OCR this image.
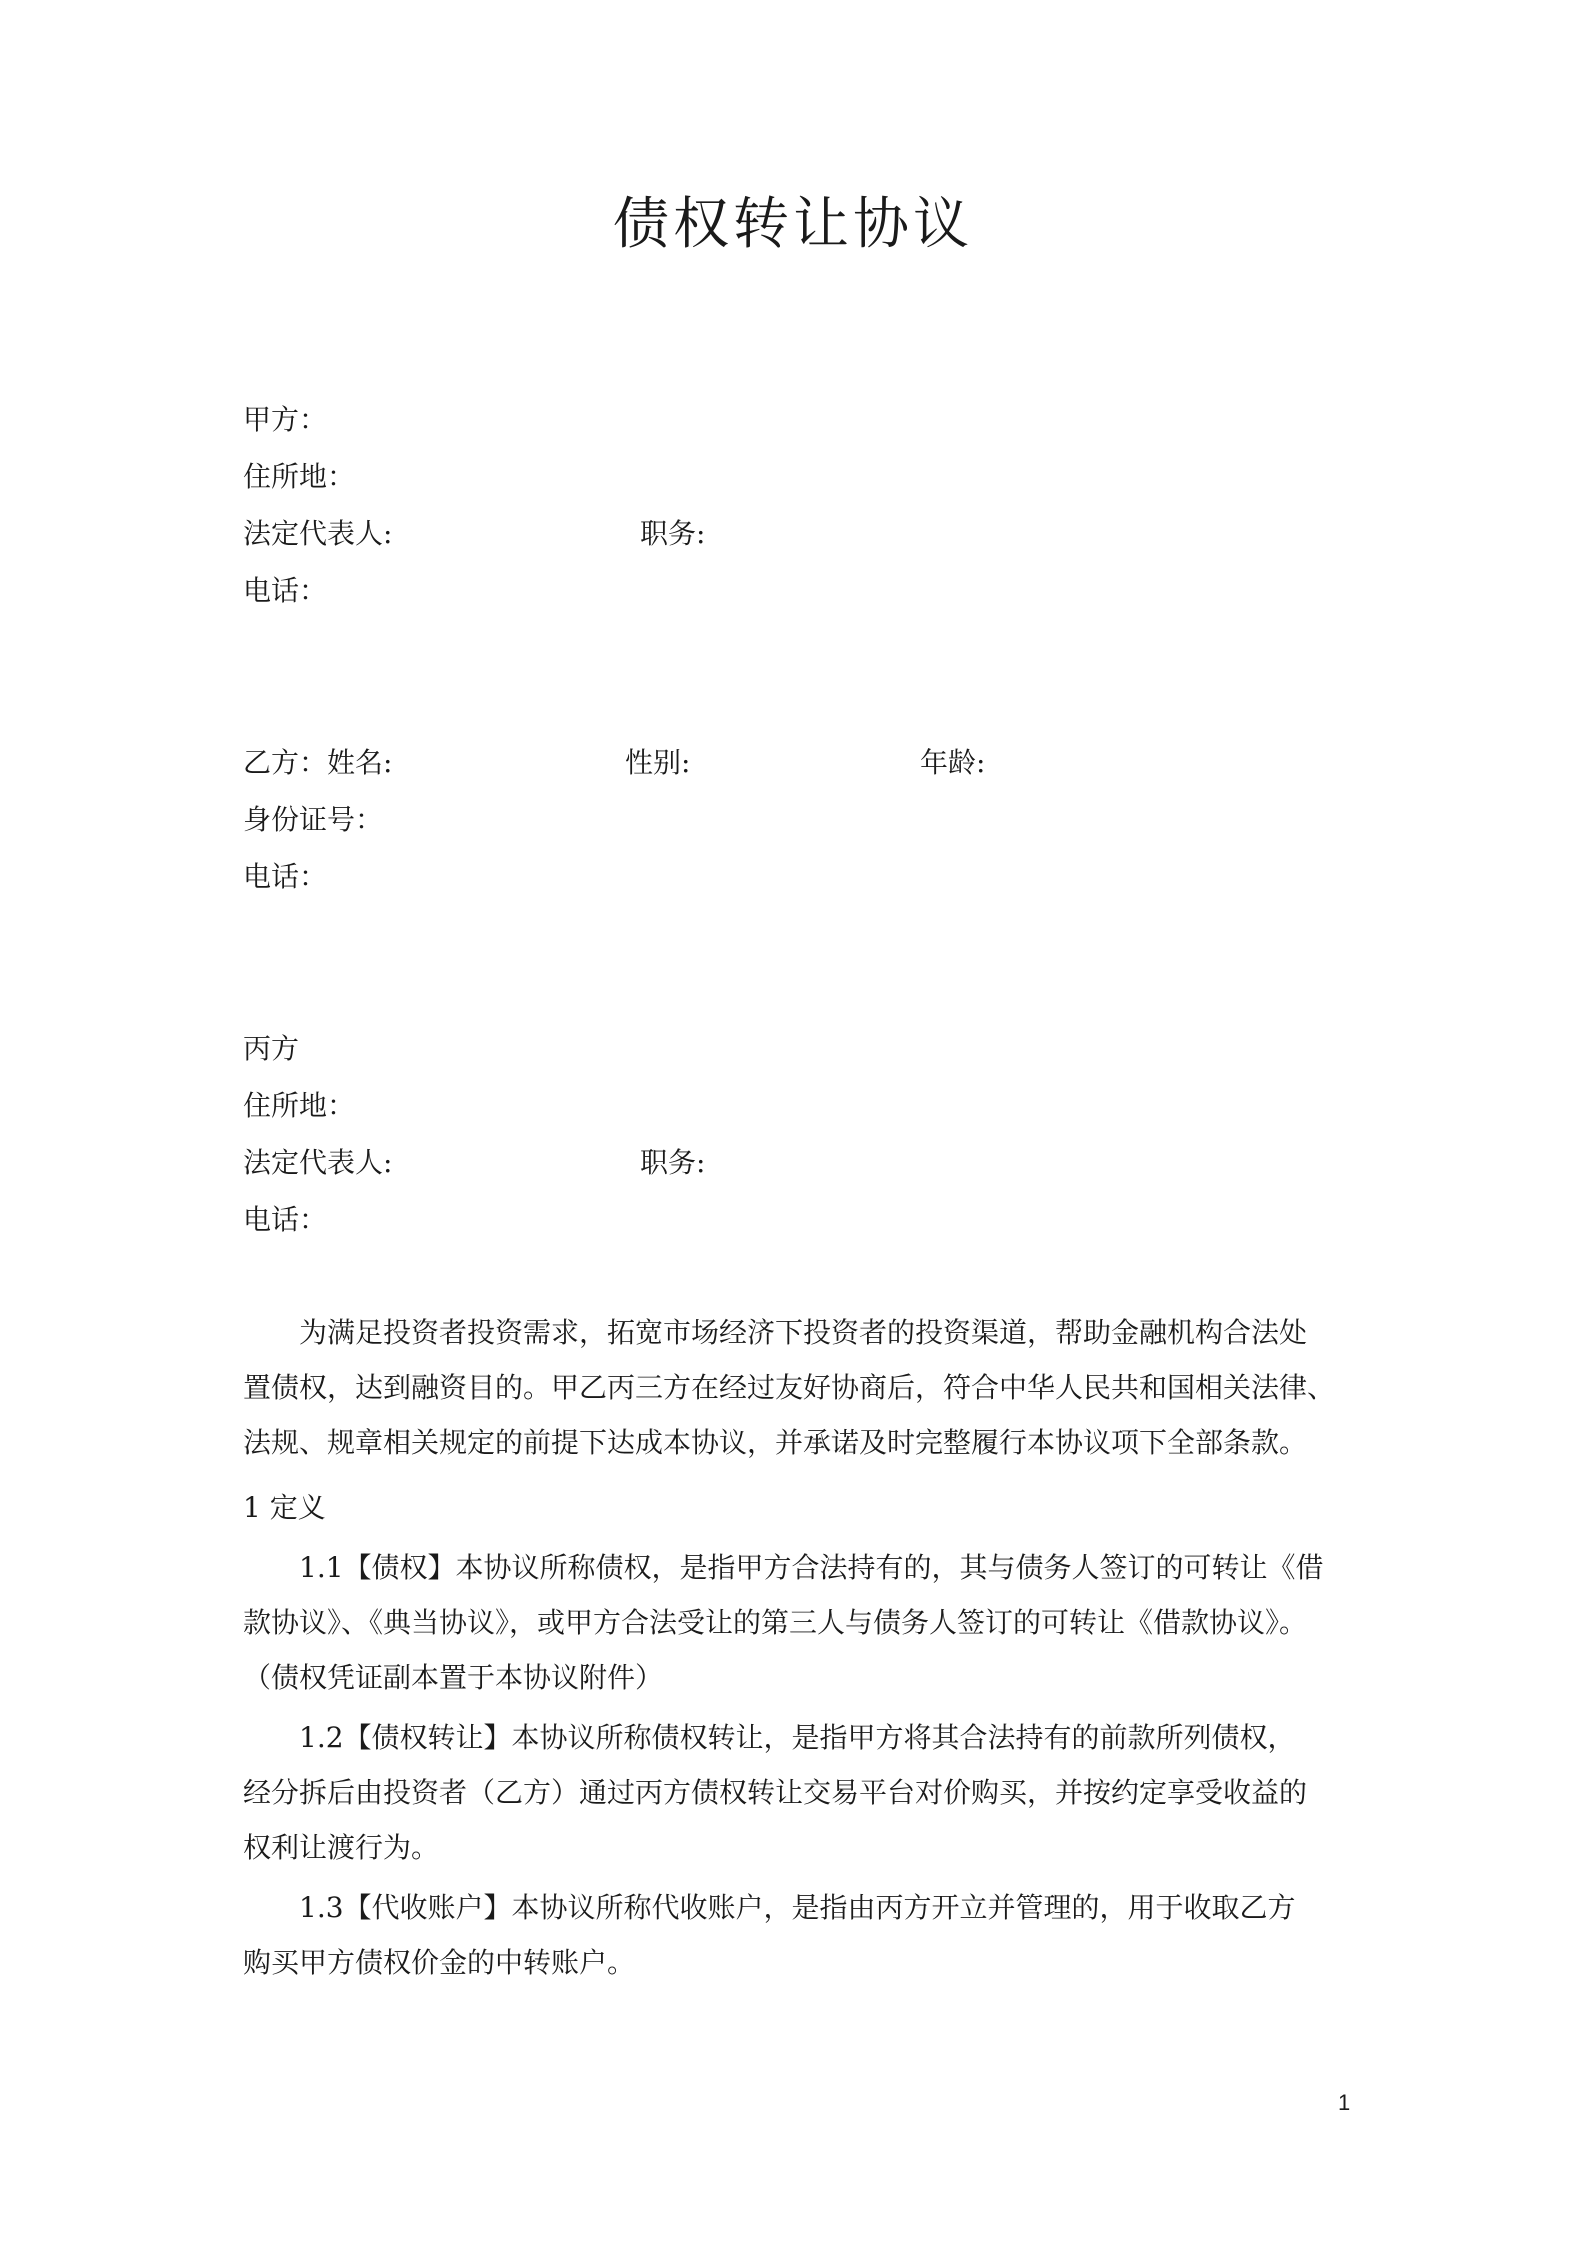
债权转让协议
甲方：
住所地：
法定代表人:	职务:
电话：
乙方：姓名:	性别:	年龄:
身份证号：
电话：
丙方
住所地：
法定代表人:	职务:
电话：
为满足投资者投资需求，拓宽市场经济下投资者的投资渠道，帮助金融机构合法处
置债权，达到融资目的。甲乙丙三方在经过友好协商后，符合中华人民共和国相关法律、
法规、规章相关规定的前提下达成本协议，并承诺及时完整履行本协议项下全部条款。
1 定义
1.1【债权】本协议所称债权，是指甲方合法持有的，其与债务人签订的可转让《借
款协议》、《典当协议》，或甲方合法受让的第三人与债务人签订的可转让《借款协议》。
（债权凭证副本置于本协议附件）
1.2【债权转让】本协议所称债权转让，是指甲方将其合法持有的前款所列债权，
经分拆后由投资者（乙方）通过丙方债权转让交易平台对价购买，并按约定享受收益的
权利让渡行为。
1.3【代收账户】本协议所称代收账户，是指由丙方开立并管理的，用于收取乙方
购买甲方债权价金的中转账户。
1
